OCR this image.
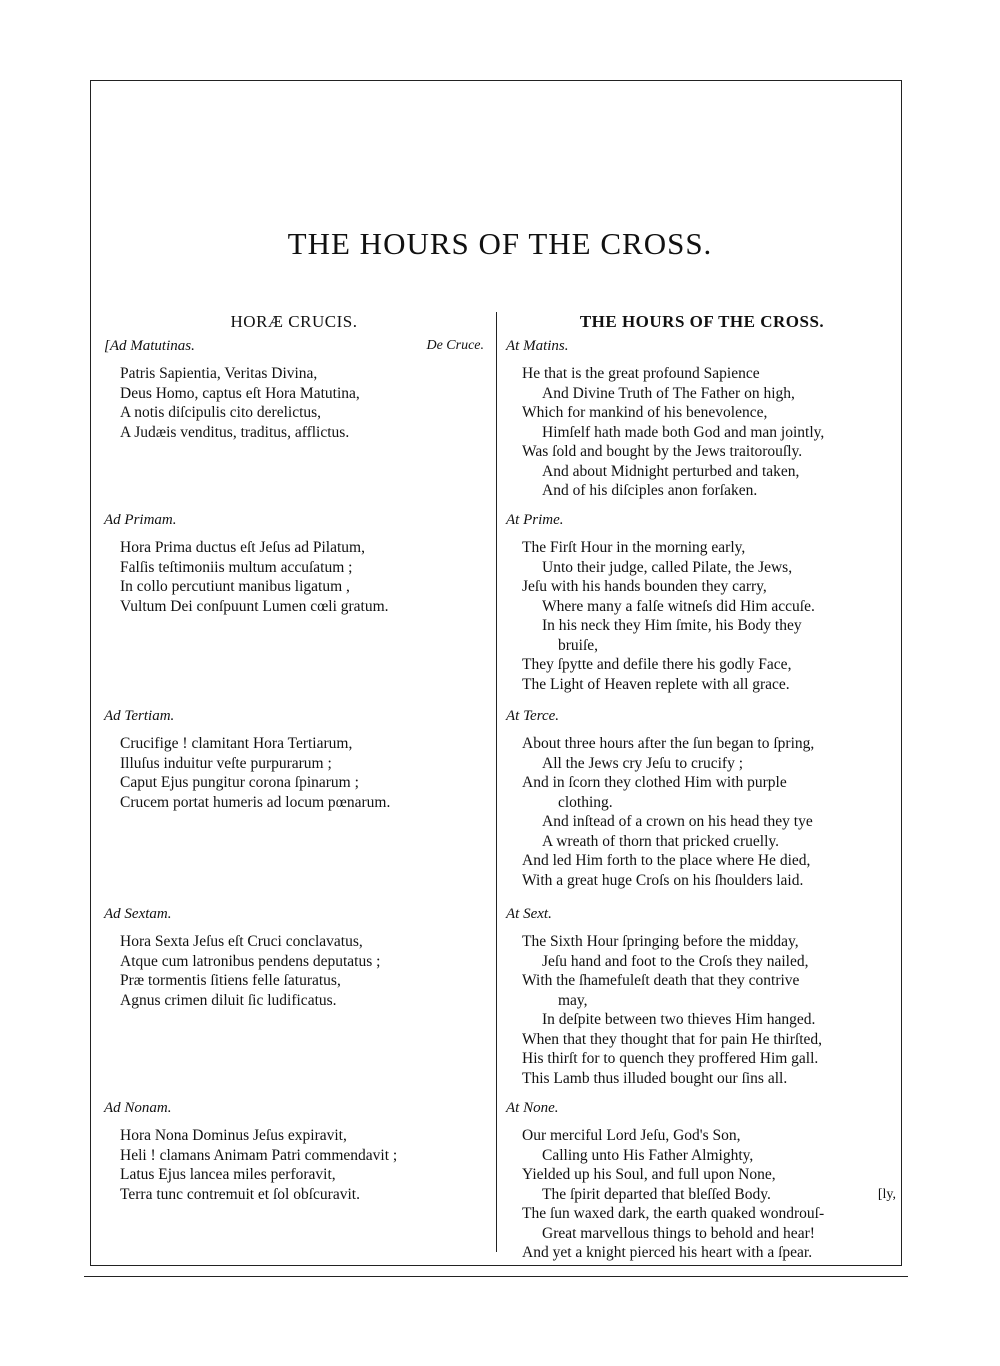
THE HOURS OF THE CROSS.
HORÆ CRUCIS.
[Ad Matutinas.	De Cruce.
Patris Sapientia, Veritas Divina,
Deus Homo, captus eſt Hora Matutina,
A notis diſcipulis cito derelictus,
A Judæis venditus, traditus, afflictus.
Ad Primam.
Hora Prima ductus eſt Jeſus ad Pilatum,
Falſis teſtimoniis multum accuſatum ;
In collo percutiunt manibus ligatum ,
Vultum Dei conſpuunt Lumen cœli gratum.
Ad Tertiam.
Crucifige ! clamitant Hora Tertiarum,
Illuſus induitur veſte purpurarum ;
Caput Ejus pungitur corona ſpinarum ;
Crucem portat humeris ad locum pœnarum.
Ad Sextam.
Hora Sexta Jeſus eſt Cruci conclavatus,
Atque cum latronibus pendens deputatus ;
Præ tormentis ſitiens felle ſaturatus,
Agnus crimen diluit ſic ludificatus.
Ad Nonam.
Hora Nona Dominus Jeſus expiravit,
Heli ! clamans Animam Patri commendavit ;
Latus Ejus lancea miles perforavit,
Terra tunc contremuit et ſol obſcuravit.
THE HOURS OF THE CROSS.
At Matins.
He that is the great profound Sapience
And Divine Truth of The Father on high,
Which for mankind of his benevolence,
Himſelf hath made both God and man jointly,
Was ſold and bought by the Jews traitorouſly.
And about Midnight perturbed and taken,
And of his diſciples anon forſaken.
At Prime.
The Firſt Hour in the morning early,
Unto their judge, called Pilate, the Jews,
Jeſu with his hands bounden they carry,
Where many a falſe witneſs did Him accuſe.
In his neck they Him ſmite, his Body they
bruiſe,
They ſpytte and defile there his godly Face,
The Light of Heaven replete with all grace.
At Terce.
About three hours after the ſun began to ſpring,
All the Jews cry Jeſu to crucify ;
And in ſcorn they clothed Him with purple
clothing.
And inſtead of a crown on his head they tye
A wreath of thorn that pricked cruelly.
And led Him forth to the place where He died,
With a great huge Croſs on his ſhoulders laid.
At Sext.
The Sixth Hour ſpringing before the midday,
Jeſu hand and foot to the Croſs they nailed,
With the ſhamefuleſt death that they contrive
may,
In deſpite between two thieves Him hanged.
When that they thought that for pain He thirſted,
His thirſt for to quench they proffered Him gall.
This Lamb thus illuded bought our ſins all.
At None.
Our merciful Lord Jeſu, God's Son,
Calling unto His Father Almighty,
Yielded up his Soul, and full upon None,
The ſpirit departed that bleſſed Body.	[ly,
The ſun waxed dark, the earth quaked wondrouſ-
Great marvellous things to behold and hear!
And yet a knight pierced his heart with a ſpear.
